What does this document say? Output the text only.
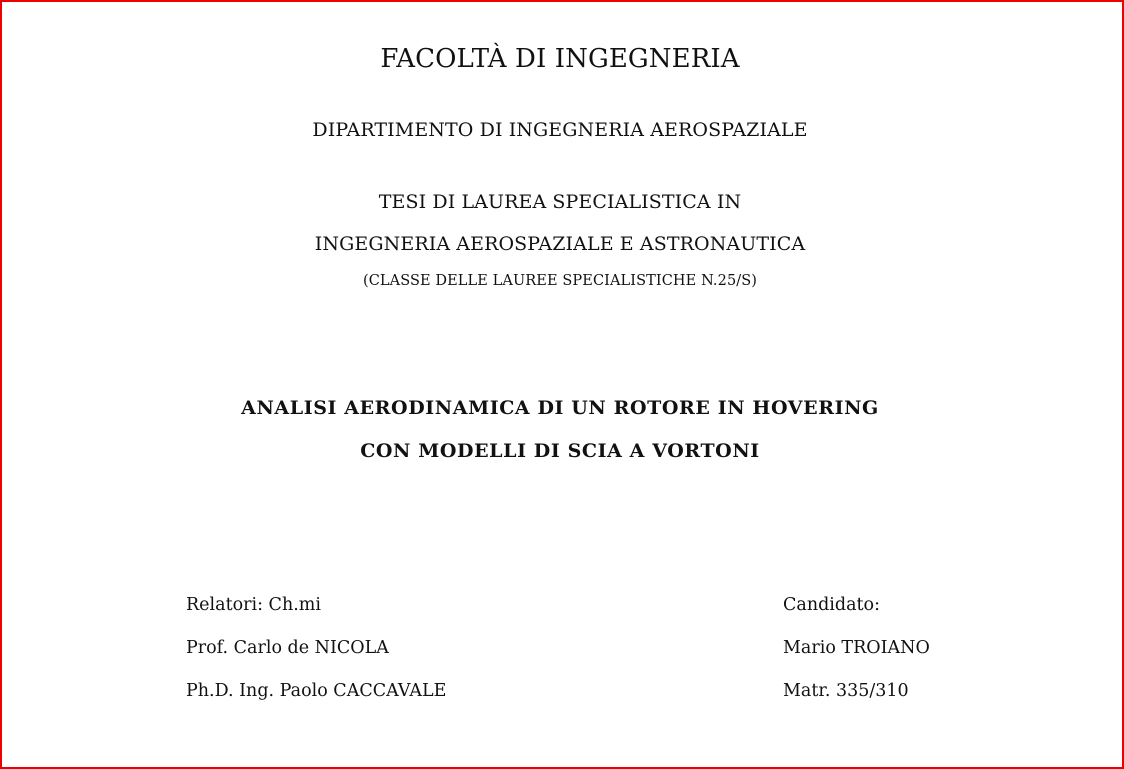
FACOLTÀ DI INGEGNERIA
DIPARTIMENTO DI INGEGNERIA AEROSPAZIALE
TESI DI LAUREA SPECIALISTICA IN
INGEGNERIA AEROSPAZIALE E ASTRONAUTICA
(CLASSE DELLE LAUREE SPECIALISTICHE N.25/S)
ANALISI AERODINAMICA DI UN ROTORE IN HOVERING
CON MODELLI DI SCIA A VORTONI
Relatori: Ch.mi
Prof. Carlo de NICOLA
Ph.D. Ing. Paolo CACCAVALE
Candidato:
Mario TROIANO
Matr. 335/310
